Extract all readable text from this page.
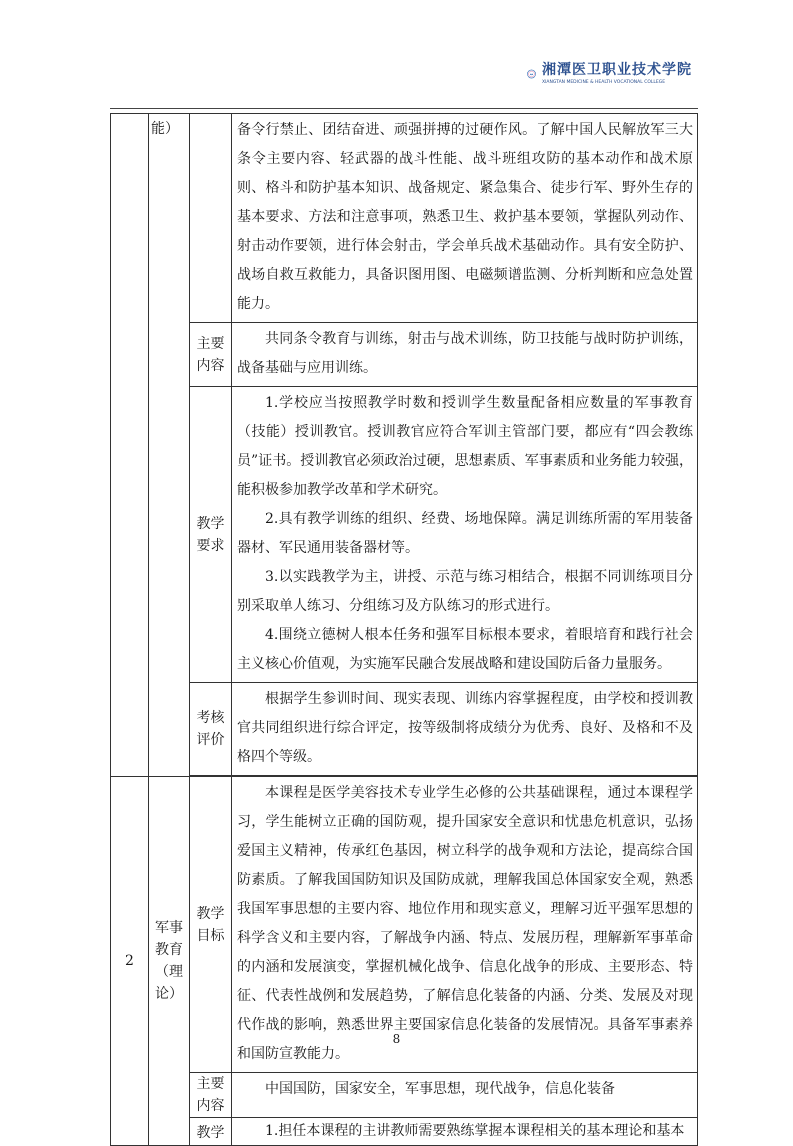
湘潭医卫职业技术学院
XIANGTAN MEDICINE & HEALTH VOCATIONAL COLLEGE
	能）		备令行禁止、团结奋进、顽强拼搏的过硬作风。了解中国人民解放军三大条令主要内容、轻武器的战斗性能、战斗班组攻防的基本动作和战术原则、格斗和防护基本知识、战备规定、紧急集合、徒步行军、野外生存的基本要求、方法和注意事项，熟悉卫生、救护基本要领，掌握队列动作、射击动作要领，进行体会射击，学会单兵战术基础动作。具有安全防护、战场自救互救能力，具备识图用图、电磁频谱监测、分析判断和应急处置能力。

		主要内容	共同条令教育与训练，射击与战术训练，防卫技能与战时防护训练，战备基础与应用训练。

		教学要求	1.学校应当按照教学时数和授训学生数量配备相应数量的军事教育（技能）授训教官。授训教官应符合军训主管部门要，都应有“四会教练员”证书。授训教官必须政治过硬，思想素质、军事素质和业务能力较强，能积极参加教学改革和学术研究。

2.具有教学训练的组织、经费、场地保障。满足训练所需的军用装备器材、军民通用装备器材等。

3.以实践教学为主，讲授、示范与练习相结合，根据不同训练项目分别采取单人练习、分组练习及方队练习的形式进行。

4.围绕立德树人根本任务和强军目标根本要求，着眼培育和践行社会主义核心价值观，为实施军民融合发展战略和建设国防后备力量服务。

		考核评价	根据学生参训时间、现实表现、训练内容掌握程度，由学校和授训教官共同组织进行综合评定，按等级制将成绩分为优秀、良好、及格和不及格四个等级。

2	军事教育（理论）	教学目标	本课程是医学美容技术专业学生必修的公共基础课程，通过本课程学习，学生能树立正确的国防观，提升国家安全意识和忧患危机意识，弘扬爱国主义精神，传承红色基因，树立科学的战争观和方法论，提高综合国防素质。了解我国国防知识及国防成就，理解我国总体国家安全观，熟悉我国军事思想的主要内容、地位作用和现实意义，理解习近平强军思想的科学含义和主要内容，了解战争内涵、特点、发展历程，理解新军事革命的内涵和发展演变，掌握机械化战争、信息化战争的形成、主要形态、特征、代表性战例和发展趋势，了解信息化装备的内涵、分类、发展及对现代作战的影响，熟悉世界主要国家信息化装备的发展情况。具备军事素养和国防宣教能力。

		主要内容	中国国防，国家安全，军事思想，现代战争，信息化装备

		教学	1.担任本课程的主讲教师需要熟练掌握本课程相关的基本理论和基本

8
